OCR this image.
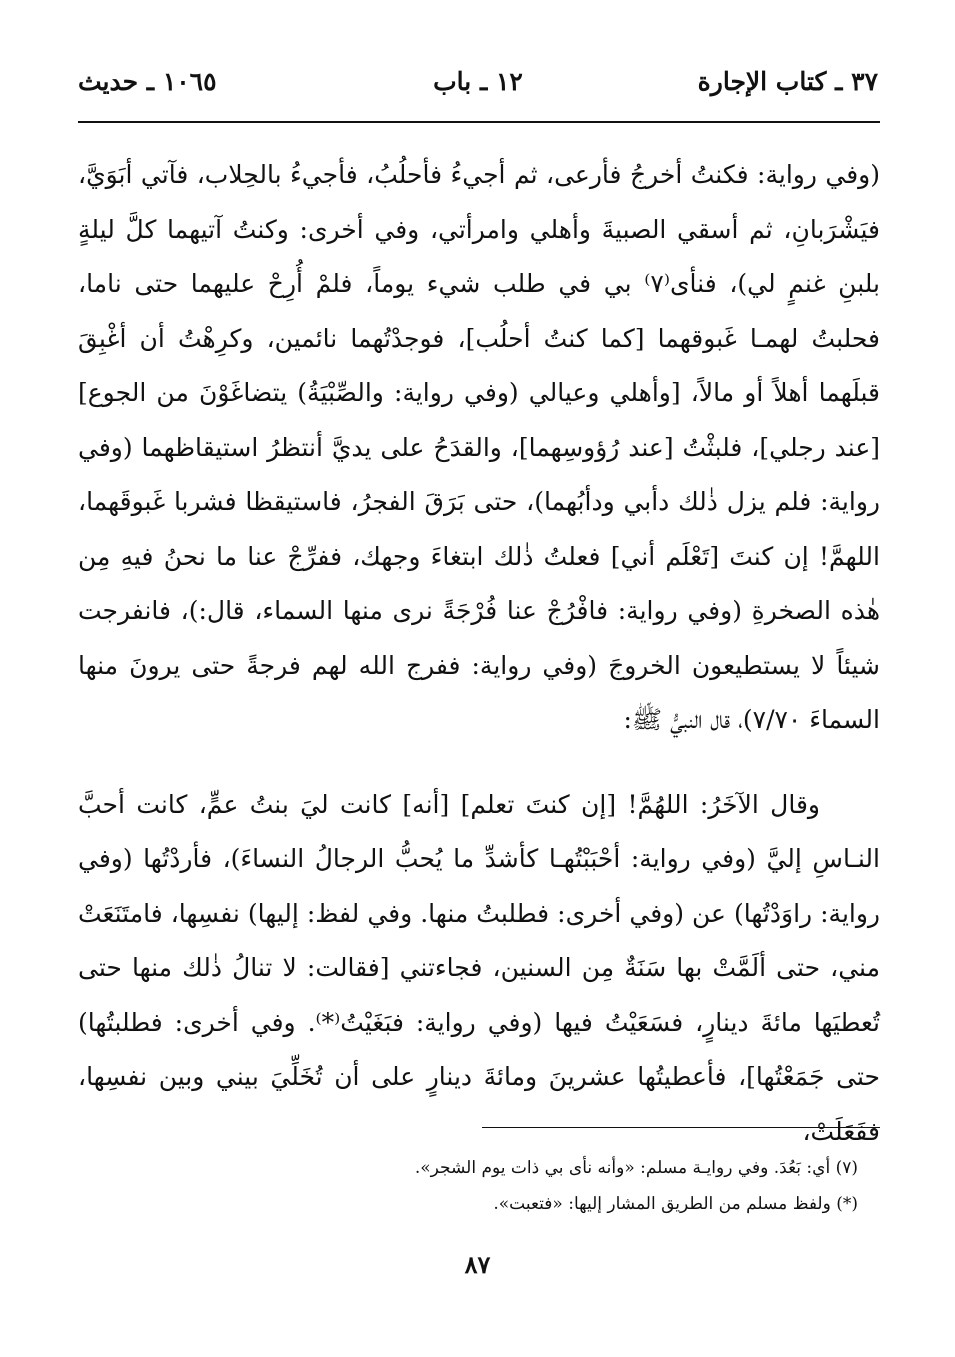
٣٧ ـ كتاب الإجارة
١٢ ـ باب
١٠٦٥ ـ حديث

(وفي رواية: فكنتُ أخرجُ فأرعى، ثم أجيءُ فأحلُبُ، فأجيءُ بالحِلاب، فآتي أبَوَيَّ، فيَشْرَبانِ، ثم أسقي الصبيةَ وأهلي وامرأتي، وفي أخرى: وكنتُ آتيهما كلَّ ليلةٍ بلبنِ غنمٍ لي)، فنأى⁽٧⁾ بي في طلب شيء يوماً، فلمْ أُرِحْ عليهما حتى ناما، فحلبتُ لهمـا غَبوقهما [كما كنتُ أحلُب]، فوجدْتُهما نائمين، وكرِهْتُ أن أغْبِقَ قبلَهما أهلاً أو مالاً، [وأهلي وعيالي (وفي رواية: والصِّبْيَةُ) يتضاغَوْنَ من الجوع] [عند رجلي]، فلبثْتُ [عند رُؤوسِهما]، والقدَحُ على يديَّ أنتظرُ استيقاظهما (وفي رواية: فلم يزل ذٰلك دأبي ودأبُهما)، حتى بَرَقَ الفجرُ، فاستيقظا فشربا غَبوقَهما، اللهمَّ! إن كنتَ [تَعْلَم أني] فعلتُ ذٰلك ابتغاءَ وجهك، ففرِّجْ عنا ما نحنُ فيهِ مِن هٰذه الصخرةِ (وفي رواية: فافْرُجْ عنا فُرْجَةً نرى منها السماء، قال:)، فانفرجت شيئاً لا يستطيعون الخروجَ (وفي رواية: ففرج الله لهم فرجةً حتى يرونَ منها السماءَ ٧/٧٠)، قال النبيُّ ﷺ:

وقال الآخَرُ: اللهُمَّ! [إن كنتَ تعلم] [أنه] كانت ليَ بنتُ عمٍّ، كانت أحبَّ النـاسِ إليَّ (وفي رواية: أحْبَبْتُهـا كأشدِّ ما يُحبُّ الرجالُ النساءَ)، فأردْتُها (وفي رواية: راوَدْتُها) عن (وفي أخرى: فطلبتُ منها. وفي لفظ: إليها) نفسِها، فامتَنَعَتْ مني، حتى ألَمَّتْ بها سَنَةٌ مِن السنين، فجاءتني [فقالت: لا تنالُ ذٰلك منها حتى تُعطيَها مائةَ دينارٍ، فسَعَيْتُ فيها (وفي رواية: فبَغَيْتُ⁽*⁾. وفي أخرى: فطلبتُها) حتى جَمَعْتُها]، فأعطيتُها عشرينَ ومائةَ دينارٍ على أن تُخَلِّيَ بيني وبين نفسِها، ففَعَلَتْ،

(٧) أي: بَعُدَ. وفي روايـة مسلم: «وأنه نأى بي ذات يوم الشجر».

(*) ولفظ مسلم من الطريق المشار إليها: «فتعبت».

٨٧
